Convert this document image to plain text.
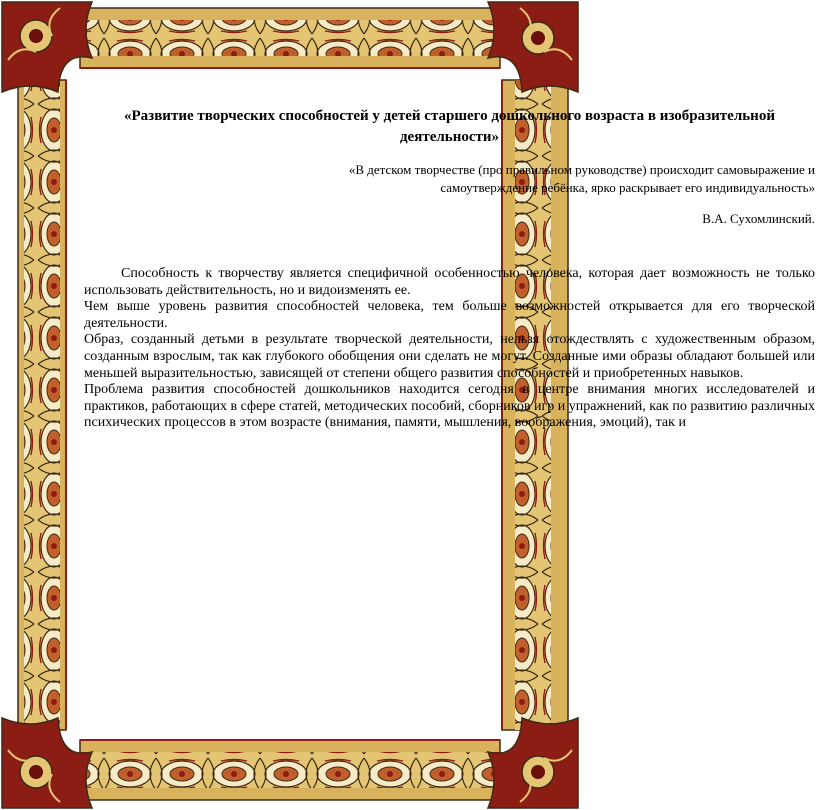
«Развитие творческих способностей у детей старшего дошкольного возраста в изобразительной деятельности»
«В детском творчестве (про правильном руководстве) происходит самовыражение и самоутверждение ребёнка, ярко раскрывает его индивидуальность»
В.А. Сухомлинский.

Способность к творчеству является специфичной особенностью человека, которая дает возможность не только использовать действительность, но и видоизменять ее.

Чем выше уровень развития способностей человека, тем больше возможностей открывается для его творческой деятельности.

Образ, созданный детьми в результате творческой деятельности, нельзя отождествлять с художественным образом, созданным взрослым, так как глубокого обобщения они сделать не могут. Созданные ими образы обладают большей или меньшей выразительностью, зависящей от степени общего развития способностей и приобретенных навыков.

Проблема развития способностей дошкольников находится сегодня в центре внимания многих исследователей и практиков, работающих в сфере статей, методических пособий, сборников игр и упражнений, как по развитию различных психических процессов в этом возрасте (внимания, памяти, мышления, воображения, эмоций), так и
